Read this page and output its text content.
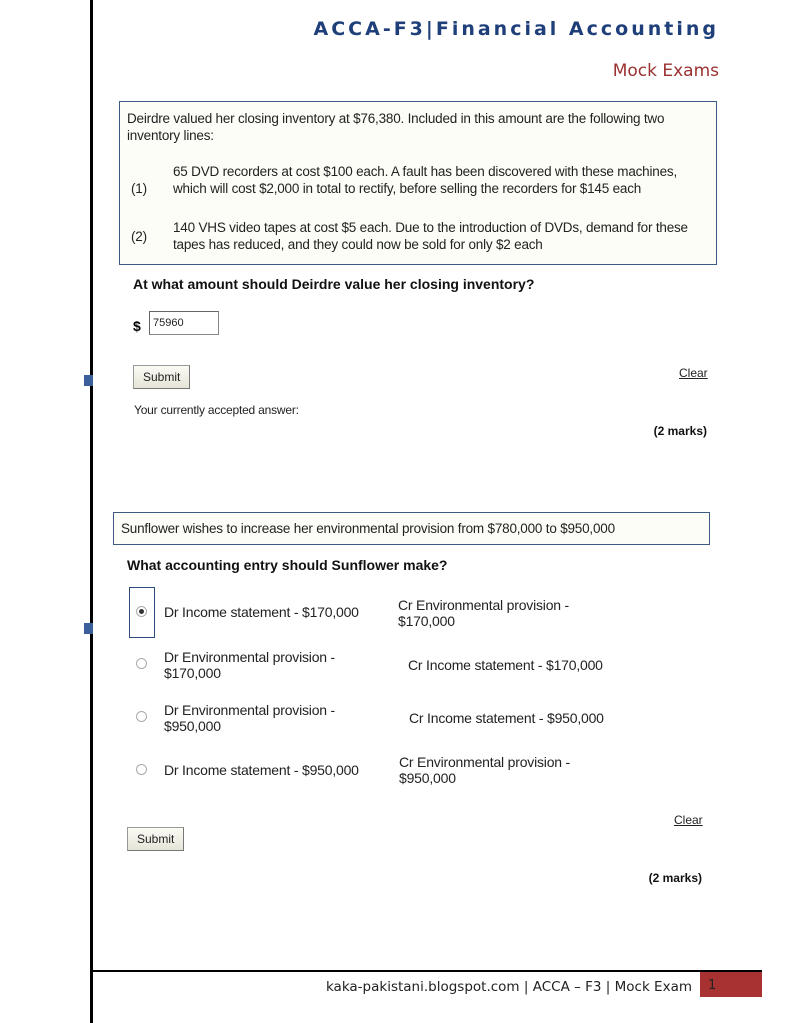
ACCA-F3|Financial Accounting
Mock Exams
Deirdre valued her closing inventory at $76,380. Included in this amount are the following two inventory lines:
(1)
65 DVD recorders at cost $100 each. A fault has been discovered with these machines, which will cost $2,000 in total to rectify, before selling the recorders for $145 each
(2)
140 VHS video tapes at cost $5 each. Due to the introduction of DVDs, demand for these tapes has reduced, and they could now be sold for only $2 each
At what amount should Deirdre value her closing inventory?
$
75960
Submit	Clear
Your currently accepted answer:
(2 marks)
Sunflower wishes to increase her environmental provision from $780,000 to $950,000
What accounting entry should Sunflower make?
Dr Income statement - $170,000	Cr Environmental provision - $170,000
Dr Environmental provision - $170,000	Cr Income statement - $170,000
Dr Environmental provision - $950,000	Cr Income statement - $950,000
Dr Income statement - $950,000	Cr Environmental provision - $950,000
Clear
Submit
(2 marks)
kaka-pakistani.blogspot.com | ACCA – F3 | Mock Exam 1
